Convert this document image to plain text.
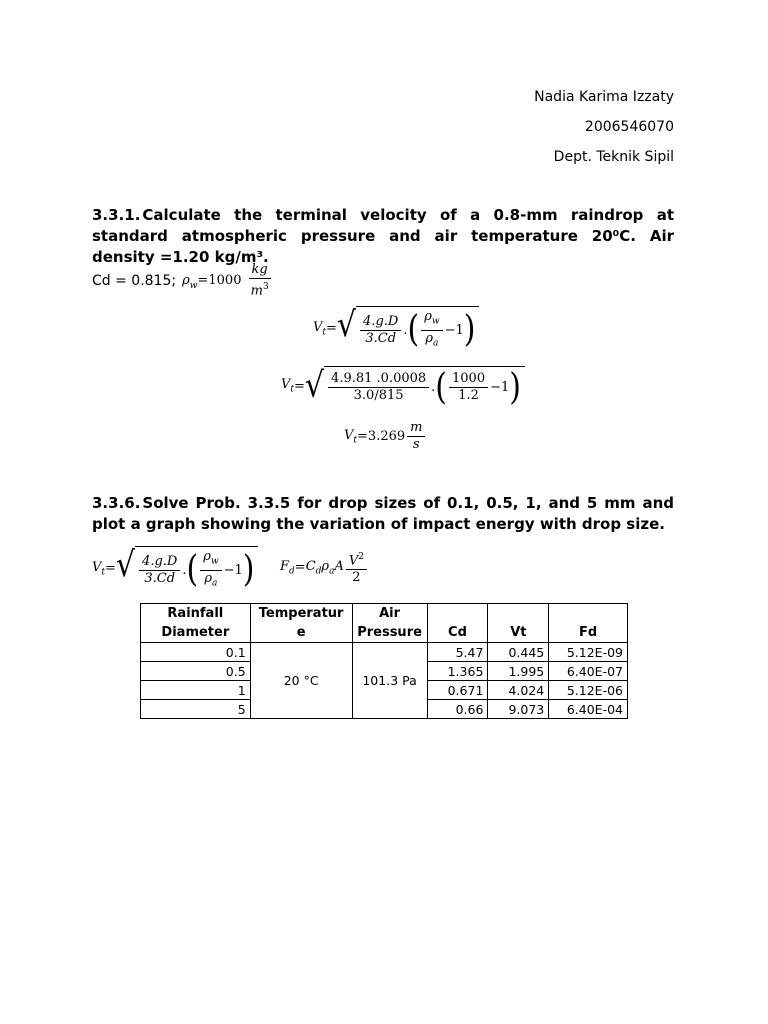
Nadia Karima Izzaty
2006546070
Dept. Teknik Sipil
3.3.1. Calculate the terminal velocity of a 0.8-mm raindrop at standard atmospheric pressure and air temperature 20⁰C. Air density =1.20 kg/m³.
Cd = 0.815; $\rho_w=1000 \frac{kg}{m^3}$
$V_t$ = √ $\frac{4.g.D}{3.Cd}$ . ( $\frac{\rho_w}{\rho_a} -1$ )
$V_t$ = √ $\frac{4.9.81 .0.0008}{3.0/815}$ . ( $\frac{1000}{1.2} -1$ )
$V_t = 3.269 \frac{m}{s}$
3.3.6. Solve Prob. 3.3.5 for drop sizes of 0.1, 0.5, 1, and 5 mm and plot a graph showing the variation of impact energy with drop size.
$V_t$ = √ $\frac{4.g.D}{3.Cd}$ . ( $\frac{\rho_w}{\rho_a} -1$ ) $F_d = C_d\rho_aA \frac{V^2}{2}$
Rainfall Diameter	Temperatur e	Air Pressure	Cd	Vt	Fd
0.1	20 °C	101.3 Pa	5.47	0.445	5.12E-09
0.5			1.365	1.995	6.40E-07
1			0.671	4.024	5.12E-06
5			0.66	9.073	6.40E-04
